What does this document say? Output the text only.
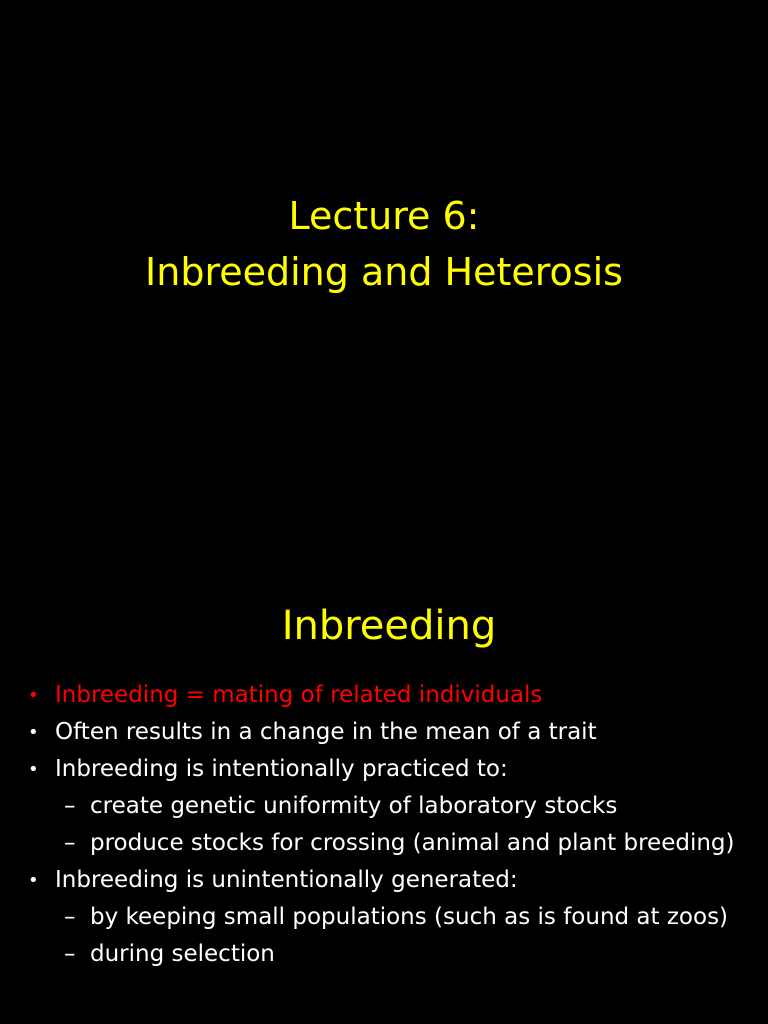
Lecture 6:
Inbreeding and Heterosis
Inbreeding
• Inbreeding = mating of related individuals
• Often results in a change in the mean of a trait
• Inbreeding is intentionally practiced to:
– create genetic uniformity of laboratory stocks
– produce stocks for crossing (animal and plant breeding)
• Inbreeding is unintentionally generated:
– by keeping small populations (such as is found at zoos)
– during selection
